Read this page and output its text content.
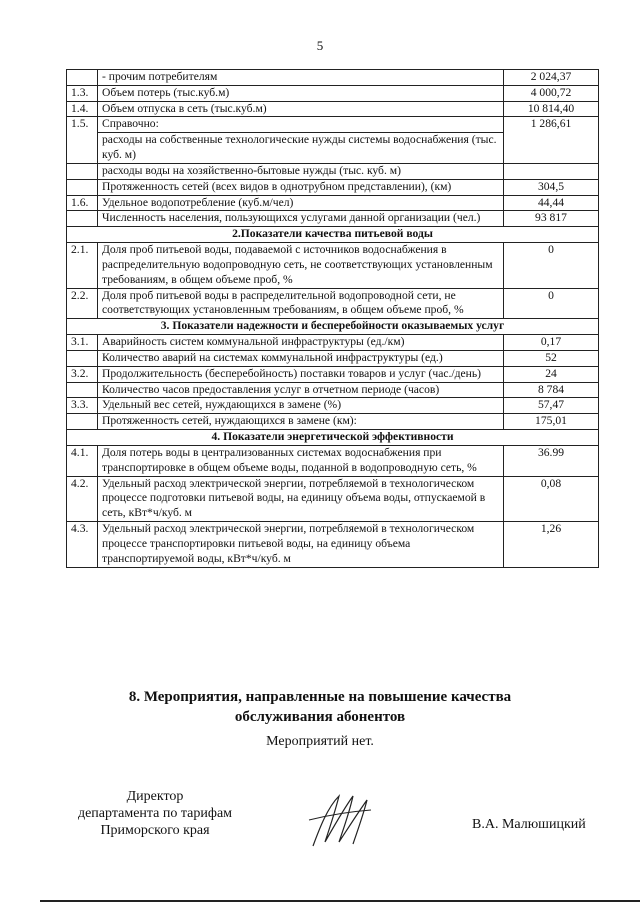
5
	- прочим потребителям	2 024,37
1.3.	Объем потерь (тыс.куб.м)	4 000,72
1.4.	Объем отпуска в сеть (тыс.куб.м)	10 814,40
1.5.	Справочно:	1 286,61
	расходы на собственные технологические нужды системы водоснабжения (тыс. куб. м)	
	расходы воды на хозяйственно-бытовые нужды (тыс. куб. м)	
	Протяженность сетей (всех видов в однотрубном представлении), (км)	304,5
1.6.	Удельное водопотребление (куб.м/чел)	44,44
	Численность населения, пользующихся услугами данной организации (чел.)	93 817
2.Показатели качества питьевой воды		
2.1.	Доля проб питьевой воды, подаваемой с источников водоснабжения в распределительную водопроводную сеть, не соответствующих установленным требованиям, в общем объеме проб, %	0
2.2.	Доля проб питьевой воды в распределительной водопроводной сети, не соответствующих установленным требованиям, в общем объеме проб, %	0
3. Показатели надежности и бесперебойности оказываемых услуг		
3.1.	Аварийность систем коммунальной инфраструктуры (ед./км)	0,17
	Количество аварий на системах коммунальной инфраструктуры (ед.)	52
3.2.	Продолжительность (бесперебойность) поставки товаров и услуг (час./день)	24
	Количество часов предоставления услуг в отчетном периоде (часов)	8 784
3.3.	Удельный вес сетей, нуждающихся в замене (%)	57,47
	Протяженность сетей, нуждающихся в замене (км):	175,01
4. Показатели энергетической эффективности		
4.1.	Доля потерь воды в централизованных системах водоснабжения при транспортировке в общем объеме воды, поданной в водопроводную сеть, %	36.99
4.2.	Удельный расход электрической энергии, потребляемой в технологическом процессе подготовки питьевой воды, на единицу объема воды, отпускаемой в сеть, кВт*ч/куб. м	0,08
4.3.	Удельный расход электрической энергии, потребляемой в технологическом процессе транспортировки питьевой воды, на единицу объема транспортируемой воды, кВт*ч/куб. м	1,26
8. Мероприятия, направленные на повышение качества
обслуживания абонентов
Мероприятий нет.
Директор
департамента по тарифам
Приморского края	В.А. Малюшицкий
